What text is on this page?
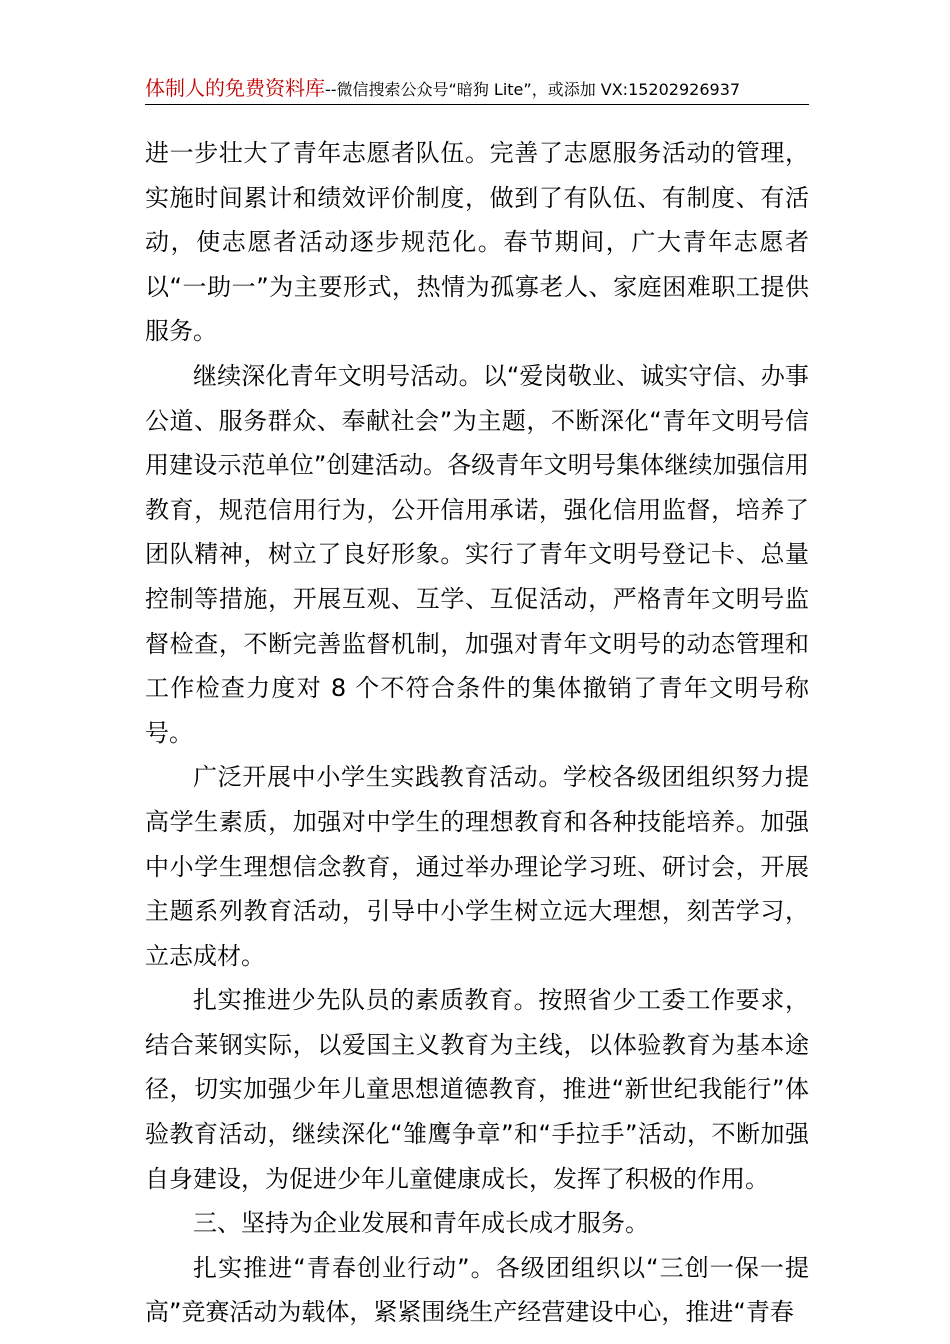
体制人的免费资料库--微信搜索公众号“暗狗 Lite”，或添加 VX:15202926937

进一步壮大了青年志愿者队伍。完善了志愿服务活动的管理，实施时间累计和绩效评价制度，做到了有队伍、有制度、有活动，使志愿者活动逐步规范化。春节期间，广大青年志愿者以“一助一”为主要形式，热情为孤寡老人、家庭困难职工提供服务。

继续深化青年文明号活动。以“爱岗敬业、诚实守信、办事公道、服务群众、奉献社会”为主题，不断深化“青年文明号信用建设示范单位”创建活动。各级青年文明号集体继续加强信用教育，规范信用行为，公开信用承诺，强化信用监督，培养了团队精神，树立了良好形象。实行了青年文明号登记卡、总量控制等措施，开展互观、互学、互促活动，严格青年文明号监督检查，不断完善监督机制，加强对青年文明号的动态管理和工作检查力度对 8 个不符合条件的集体撤销了青年文明号称号。

广泛开展中小学生实践教育活动。学校各级团组织努力提高学生素质，加强对中学生的理想教育和各种技能培养。加强中小学生理想信念教育，通过举办理论学习班、研讨会，开展主题系列教育活动，引导中小学生树立远大理想，刻苦学习，立志成材。

扎实推进少先队员的素质教育。按照省少工委工作要求，结合莱钢实际，以爱国主义教育为主线，以体验教育为基本途径，切实加强少年儿童思想道德教育，推进“新世纪我能行”体验教育活动，继续深化“雏鹰争章”和“手拉手”活动，不断加强自身建设，为促进少年儿童健康成长，发挥了积极的作用。

三、坚持为企业发展和青年成长成才服务。

扎实推进“青春创业行动”。各级团组织以“三创一保一提高”竞赛活动为载体，紧紧围绕生产经营建设中心，推进“青春
